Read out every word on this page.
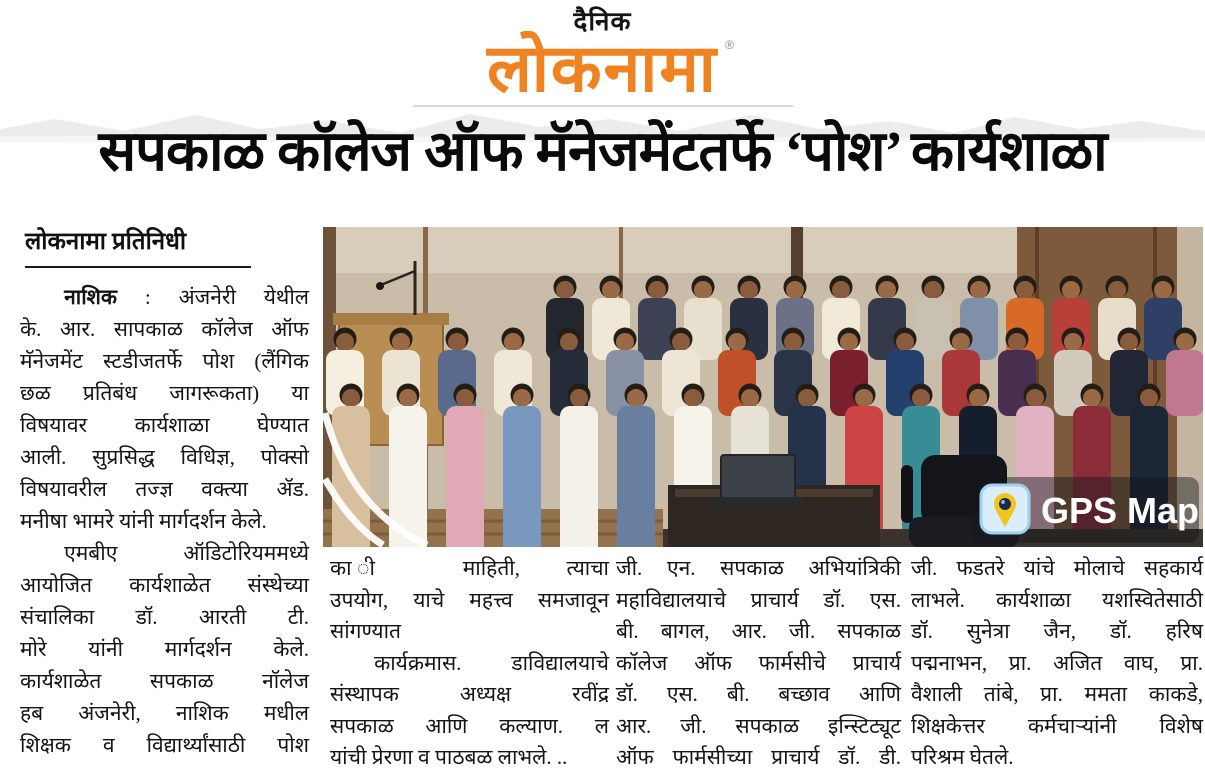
दैनिक
लोकनामा ®
सपकाळ कॉलेज ऑफ मॅनेजमेंटतर्फे ‘पोश’ कार्यशाळा
लोकनामा प्रतिनिधी
GPS Map
नाशिक : अंजनेरी येथील
के. आर. सापकाळ कॉलेज ऑफ
मॅनेजमेंट स्टडीजतर्फे पोश (लैंगिक
छळ प्रतिबंध जागरूकता) या
विषयावर कार्यशाळा घेण्यात
आली. सुप्रसिद्ध विधिज्ञ, पोक्सो
विषयावरील तज्ज्ञ वक्त्या ॲड.
मनीषा भामरे यांनी मार्गदर्शन केले.
एमबीए ऑडिटोरियममध्ये
आयोजित कार्यशाळेत संस्थेच्या
संचालिका डॉ. आरती टी.
मोरे यांनी मार्गदर्शन केले.
कार्यशाळेत सपकाळ नॉलेज
हब अंजनेरी, नाशिक मधील
शिक्षक व विद्यार्थ्यांसाठी पोश
का ी माहिती, त्याचा
उपयोग, याचे महत्त्व समजावून
सांगण्यात
कार्यक्रमास. डाविद्यालयाचे
संस्थापक अध्यक्ष रवींद्र
सपकाळ आणि कल्याण. ल
यांची प्रेरणा व पाठबळ लाभले. ..
जी. एन. सपकाळ अभियांत्रिकी
महाविद्यालयाचे प्राचार्य डॉ. एस.
बी. बागल, आर. जी. सपकाळ
कॉलेज ऑफ फार्मसीचे प्राचार्य
डॉ. एस. बी. बच्छाव आणि
आर. जी. सपकाळ इन्स्टिट्यूट
ऑफ फार्मसीच्या प्राचार्य डॉ. डी.
जी. फडतरे यांचे मोलाचे सहकार्य
लाभले. कार्यशाळा यशस्वितेसाठी
डॉ. सुनेत्रा जैन, डॉ. हरिष
पद्मनाभन, प्रा. अजित वाघ, प्रा.
वैशाली तांबे, प्रा. ममता काकडे,
शिक्षकेत्तर कर्मचाऱ्यांनी विशेष
परिश्रम घेतले.
